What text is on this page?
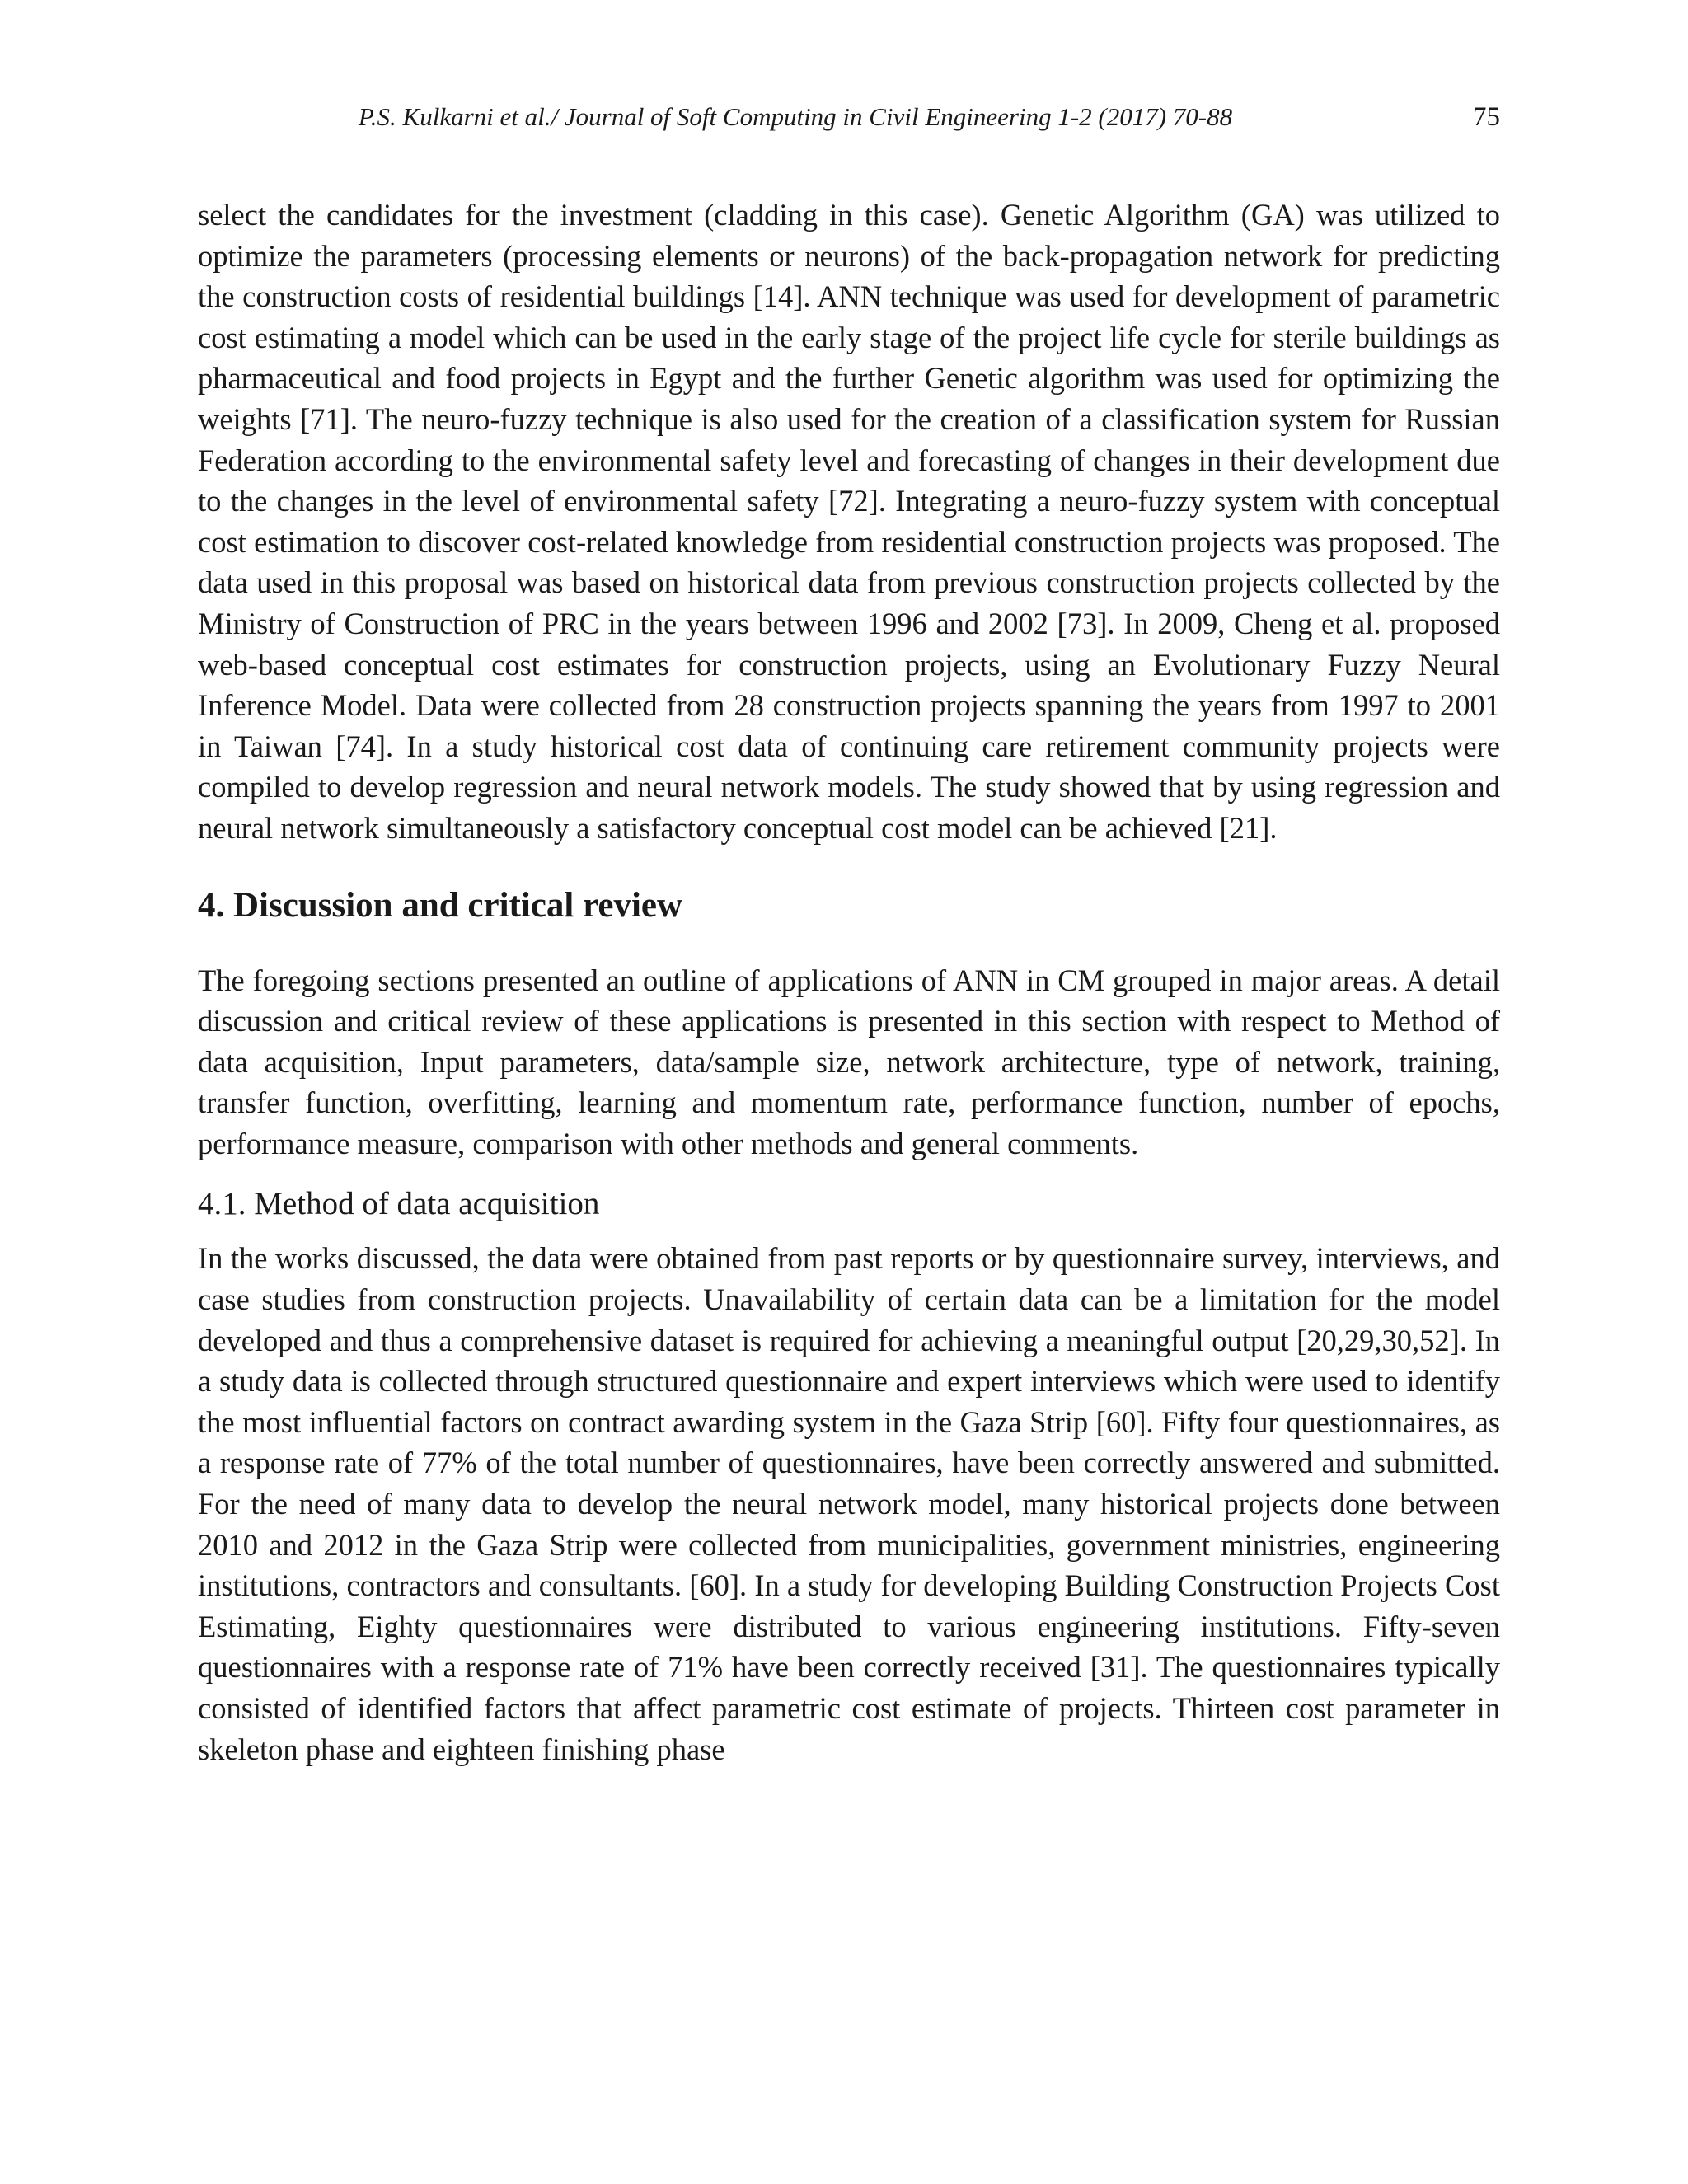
P.S. Kulkarni et al./ Journal of Soft Computing in Civil Engineering 1-2 (2017) 70-88	75

select the candidates for the investment (cladding in this case). Genetic Algorithm (GA) was utilized to optimize the parameters (processing elements or neurons) of the back-propagation network for predicting the construction costs of residential buildings [14]. ANN technique was used for development of parametric cost estimating a model which can be used in the early stage of the project life cycle for sterile buildings as pharmaceutical and food projects in Egypt and the further Genetic algorithm was used for optimizing the weights [71]. The neuro-fuzzy technique is also used for the creation of a classification system for Russian Federation according to the environmental safety level and forecasting of changes in their development due to the changes in the level of environmental safety [72]. Integrating a neuro-fuzzy system with conceptual cost estimation to discover cost-related knowledge from residential construction projects was proposed. The data used in this proposal was based on historical data from previous construction projects collected by the Ministry of Construction of PRC in the years between 1996 and 2002 [73]. In 2009, Cheng et al. proposed web-based conceptual cost estimates for construction projects, using an Evolutionary Fuzzy Neural Inference Model. Data were collected from 28 construction projects spanning the years from 1997 to 2001 in Taiwan [74]. In a study historical cost data of continuing care retirement community projects were compiled to develop regression and neural network models. The study showed that by using regression and neural network simultaneously a satisfactory conceptual cost model can be achieved [21].

4. Discussion and critical review

The foregoing sections presented an outline of applications of ANN in CM grouped in major areas. A detail discussion and critical review of these applications is presented in this section with respect to Method of data acquisition, Input parameters, data/sample size, network architecture, type of network, training, transfer function, overfitting, learning and momentum rate, performance function, number of epochs, performance measure, comparison with other methods and general comments.

4.1. Method of data acquisition

In the works discussed, the data were obtained from past reports or by questionnaire survey, interviews, and case studies from construction projects. Unavailability of certain data can be a limitation for the model developed and thus a comprehensive dataset is required for achieving a meaningful output [20,29,30,52]. In a study data is collected through structured questionnaire and expert interviews which were used to identify the most influential factors on contract awarding system in the Gaza Strip [60]. Fifty four questionnaires, as a response rate of 77% of the total number of questionnaires, have been correctly answered and submitted. For the need of many data to develop the neural network model, many historical projects done between 2010 and 2012 in the Gaza Strip were collected from municipalities, government ministries, engineering institutions, contractors and consultants. [60]. In a study for developing Building Construction Projects Cost Estimating, Eighty questionnaires were distributed to various engineering institutions. Fifty-seven questionnaires with a response rate of 71% have been correctly received [31]. The questionnaires typically consisted of identified factors that affect parametric cost estimate of projects. Thirteen cost parameter in skeleton phase and eighteen finishing phase
